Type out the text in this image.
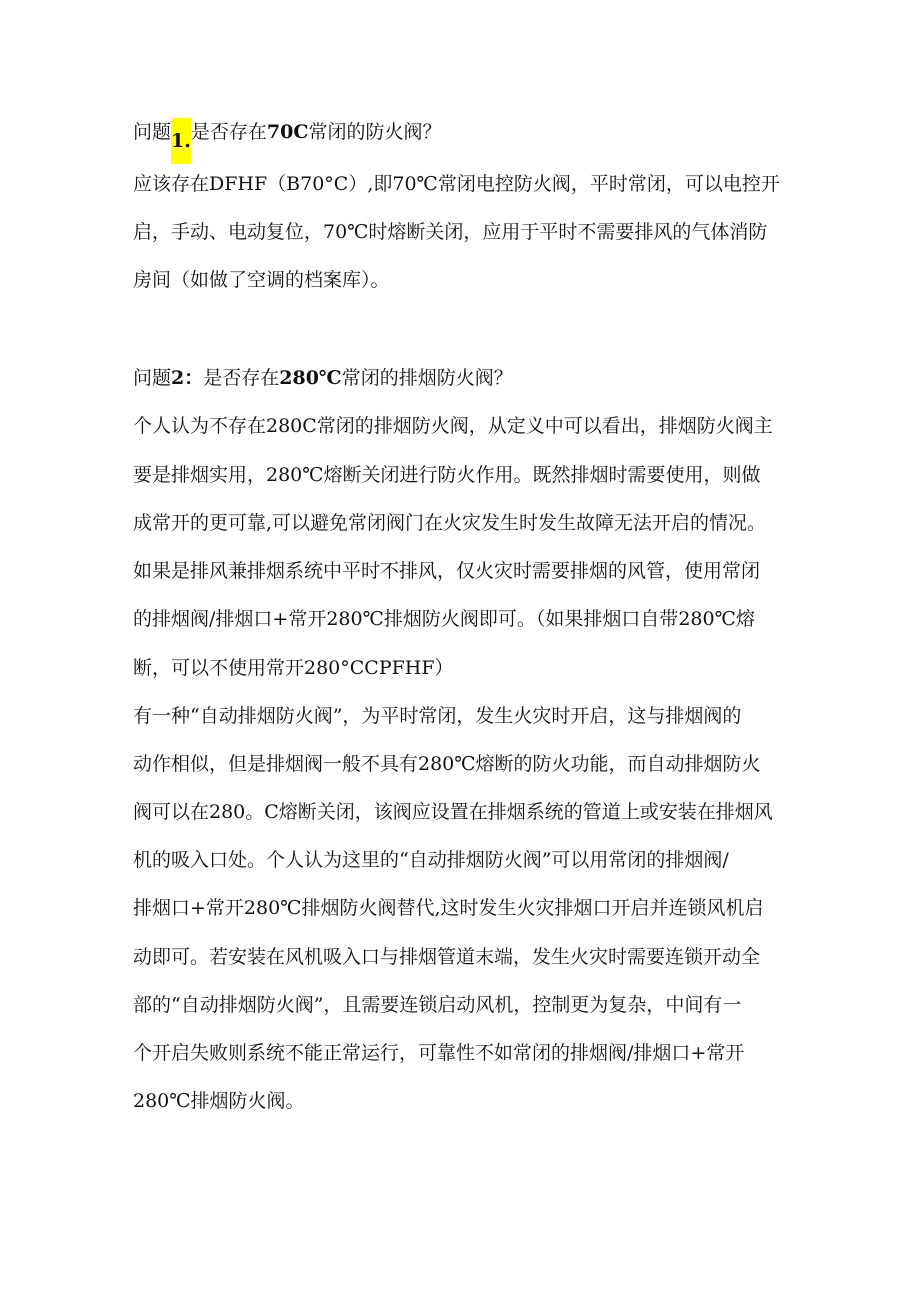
问题1.是否存在70C常闭的防火阀？
应该存在DFHF（B70°C）,即70℃常闭电控防火阀，平时常闭，可以电控开
启，手动、电动复位，70℃时熔断关闭，应用于平时不需要排风的气体消防
房间（如做了空调的档案库）。
问题2：是否存在280℃常闭的排烟防火阀？
个人认为不存在280C常闭的排烟防火阀，从定义中可以看出，排烟防火阀主
要是排烟实用，280℃熔断关闭进行防火作用。既然排烟时需要使用，则做
成常开的更可靠,可以避免常闭阀门在火灾发生时发生故障无法开启的情况。
如果是排风兼排烟系统中平时不排风，仅火灾时需要排烟的风管，使用常闭
的排烟阀/排烟口+常开280℃排烟防火阀即可。（如果排烟口自带280℃熔
断，可以不使用常开280°CCPFHF）
有一种“自动排烟防火阀”，为平时常闭，发生火灾时开启，这与排烟阀的
动作相似，但是排烟阀一般不具有280℃熔断的防火功能，而自动排烟防火
阀可以在280。C熔断关闭，该阀应设置在排烟系统的管道上或安装在排烟风
机的吸入口处。个人认为这里的“自动排烟防火阀”可以用常闭的排烟阀/
排烟口+常开280℃排烟防火阀替代,这时发生火灾排烟口开启并连锁风机启
动即可。若安装在风机吸入口与排烟管道末端，发生火灾时需要连锁开动全
部的“自动排烟防火阀”，且需要连锁启动风机，控制更为复杂，中间有一
个开启失败则系统不能正常运行，可靠性不如常闭的排烟阀/排烟口+常开
280℃排烟防火阀。
